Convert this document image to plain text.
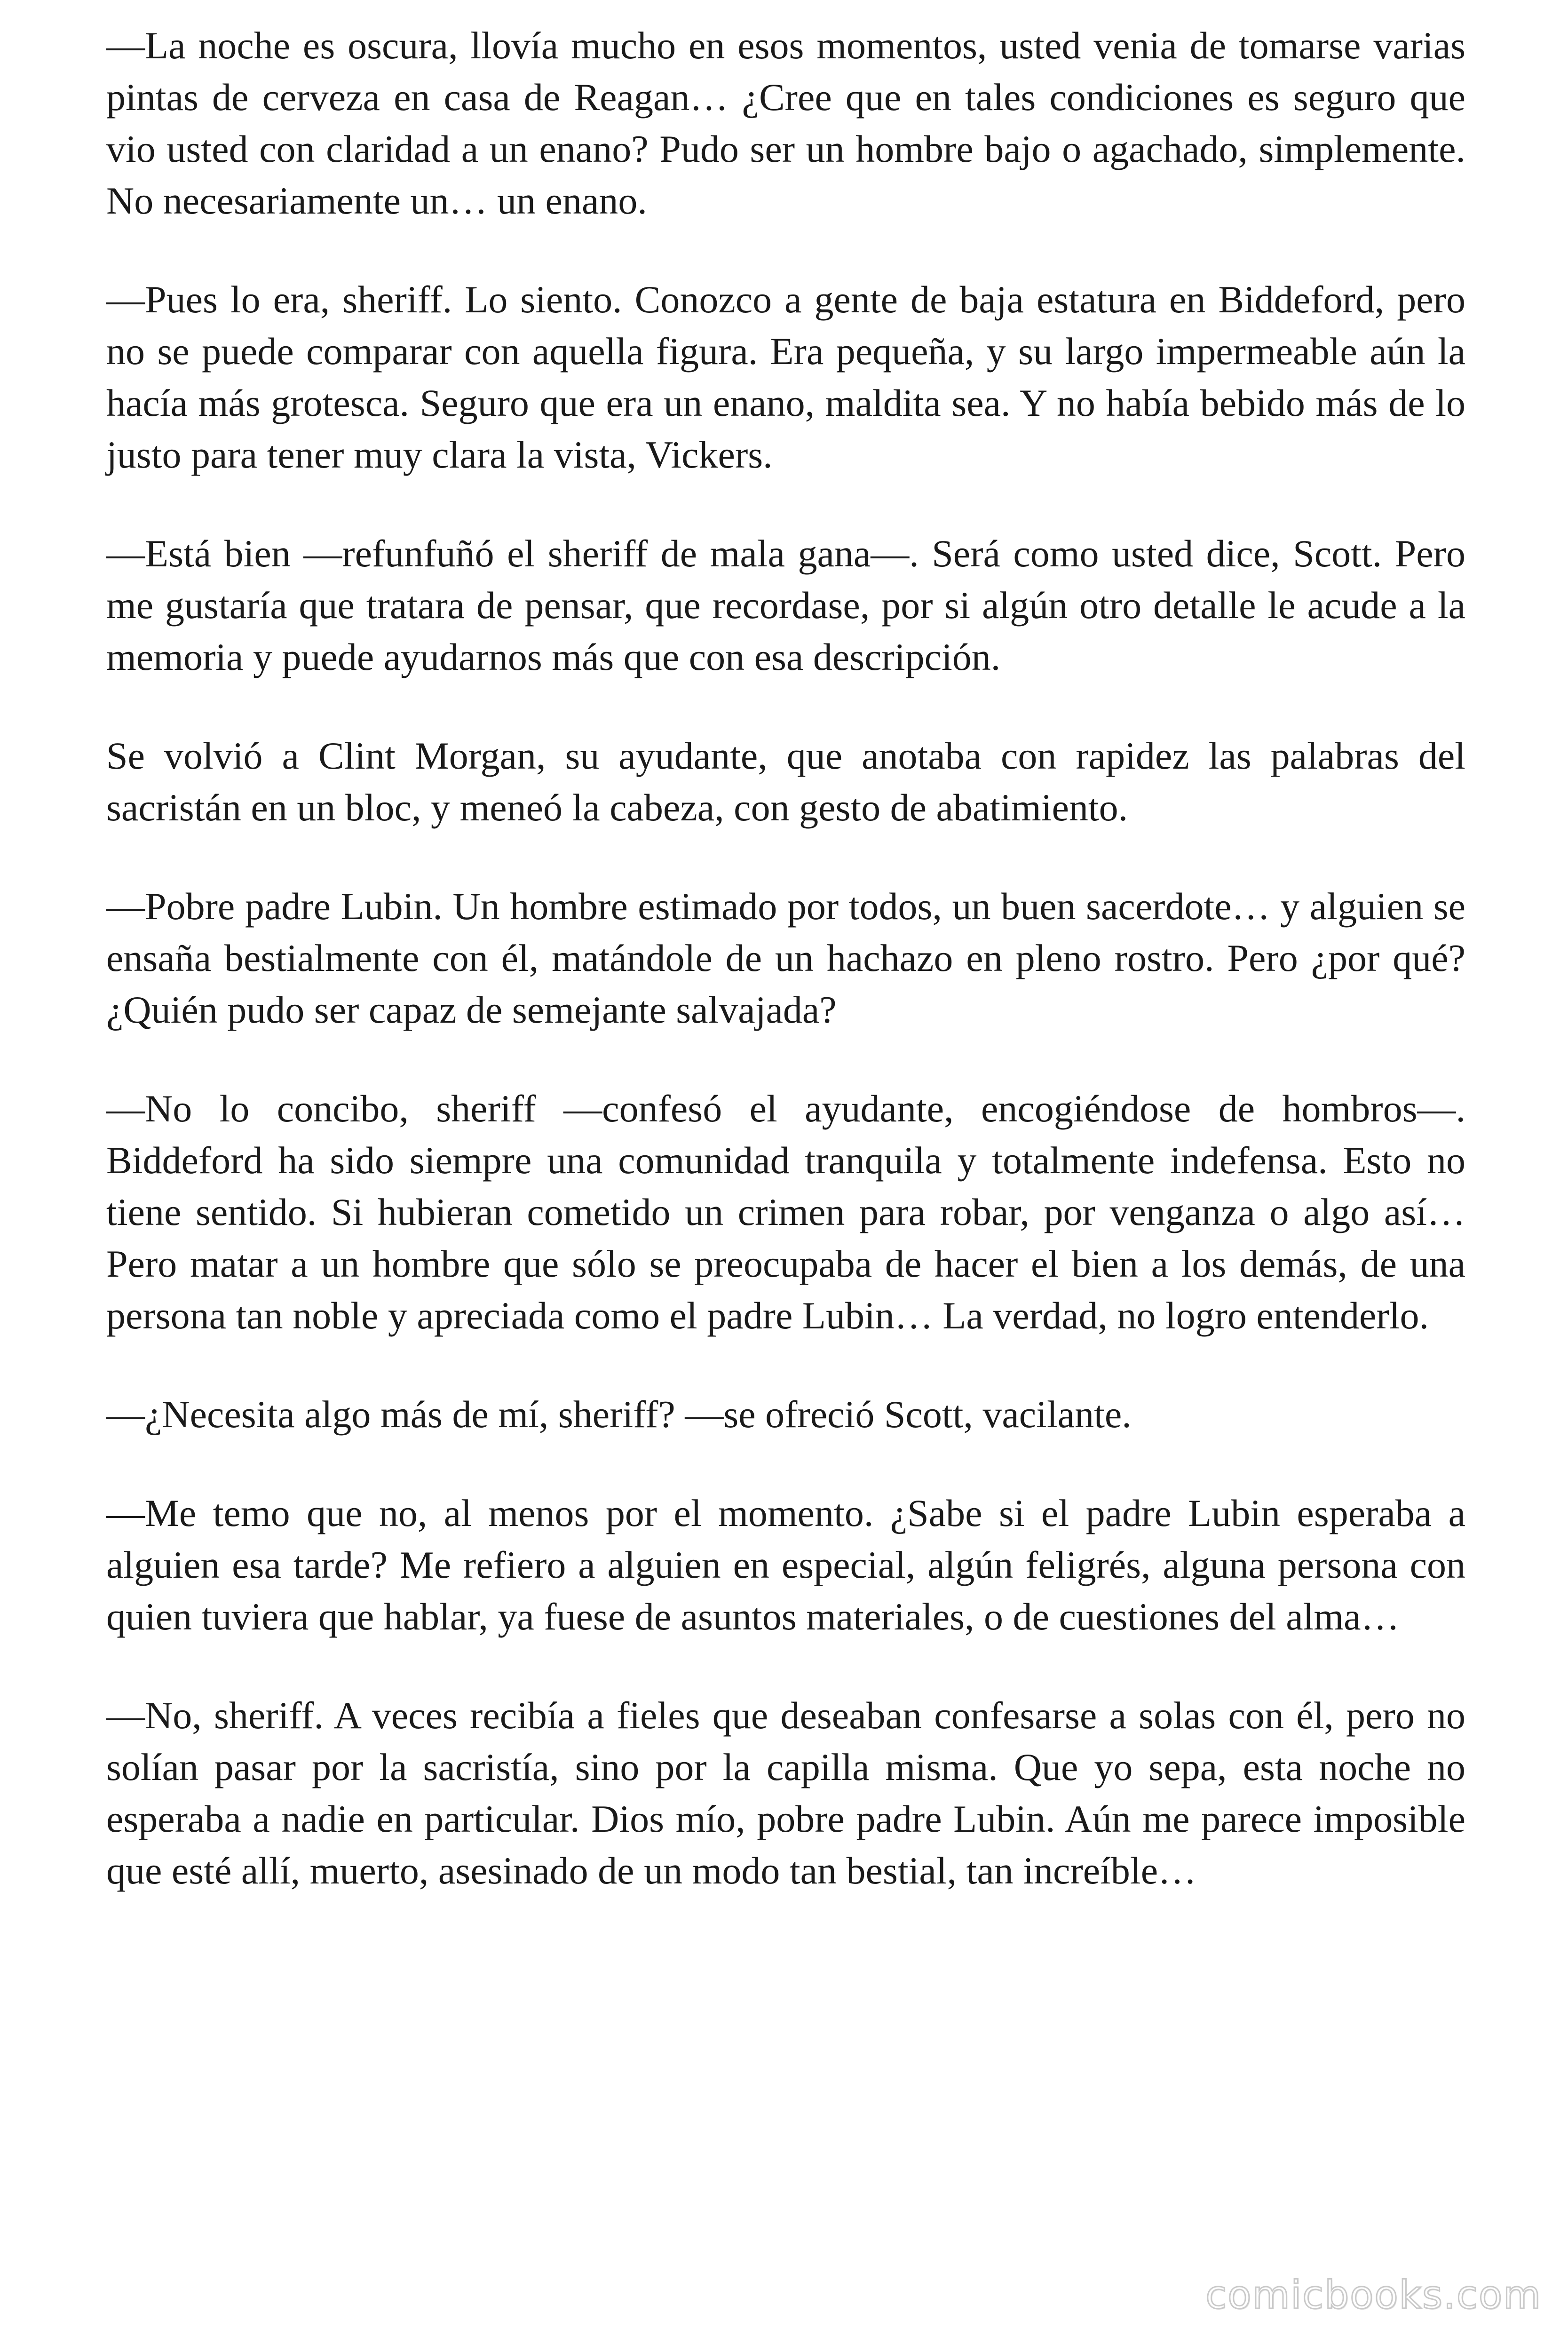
—La noche es oscura, llovía mucho en esos momentos, usted venia de tomarse varias pintas de cerveza en casa de Reagan… ¿Cree que en tales condiciones es seguro que vio usted con claridad a un enano? Pudo ser un hombre bajo o agachado, simplemente. No necesariamente un… un enano.

—Pues lo era, sheriff. Lo siento. Conozco a gente de baja estatura en Biddeford, pero no se puede comparar con aquella figura. Era pequeña, y su largo impermeable aún la hacía más grotesca. Seguro que era un enano, maldita sea. Y no había bebido más de lo justo para tener muy clara la vista, Vickers.

—Está bien —refunfuñó el sheriff de mala gana—. Será como usted dice, Scott. Pero me gustaría que tratara de pensar, que recordase, por si algún otro detalle le acude a la memoria y puede ayudarnos más que con esa descripción.

Se volvió a Clint Morgan, su ayudante, que anotaba con rapidez las palabras del sacristán en un bloc, y meneó la cabeza, con gesto de abatimiento.

—Pobre padre Lubin. Un hombre estimado por todos, un buen sacerdote… y alguien se ensaña bestialmente con él, matándole de un hachazo en pleno rostro. Pero ¿por qué? ¿Quién pudo ser capaz de semejante salvajada?

—No lo concibo, sheriff —confesó el ayudante, encogiéndose de hombros—. Biddeford ha sido siempre una comunidad tranquila y totalmente indefensa. Esto no tiene sentido. Si hubieran cometido un crimen para robar, por venganza o algo así… Pero matar a un hombre que sólo se preocupaba de hacer el bien a los demás, de una persona tan noble y apreciada como el padre Lubin… La verdad, no logro entenderlo.

—¿Necesita algo más de mí, sheriff? —se ofreció Scott, vacilante.

—Me temo que no, al menos por el momento. ¿Sabe si el padre Lubin esperaba a alguien esa tarde? Me refiero a alguien en especial, algún feligrés, alguna persona con quien tuviera que hablar, ya fuese de asuntos materiales, o de cuestiones del alma…

—No, sheriff. A veces recibía a fieles que deseaban confesarse a solas con él, pero no solían pasar por la sacristía, sino por la capilla misma. Que yo sepa, esta noche no esperaba a nadie en particular. Dios mío, pobre padre Lubin. Aún me parece imposible que esté allí, muerto, asesinado de un modo tan bestial, tan increíble…

comicbooks.com
